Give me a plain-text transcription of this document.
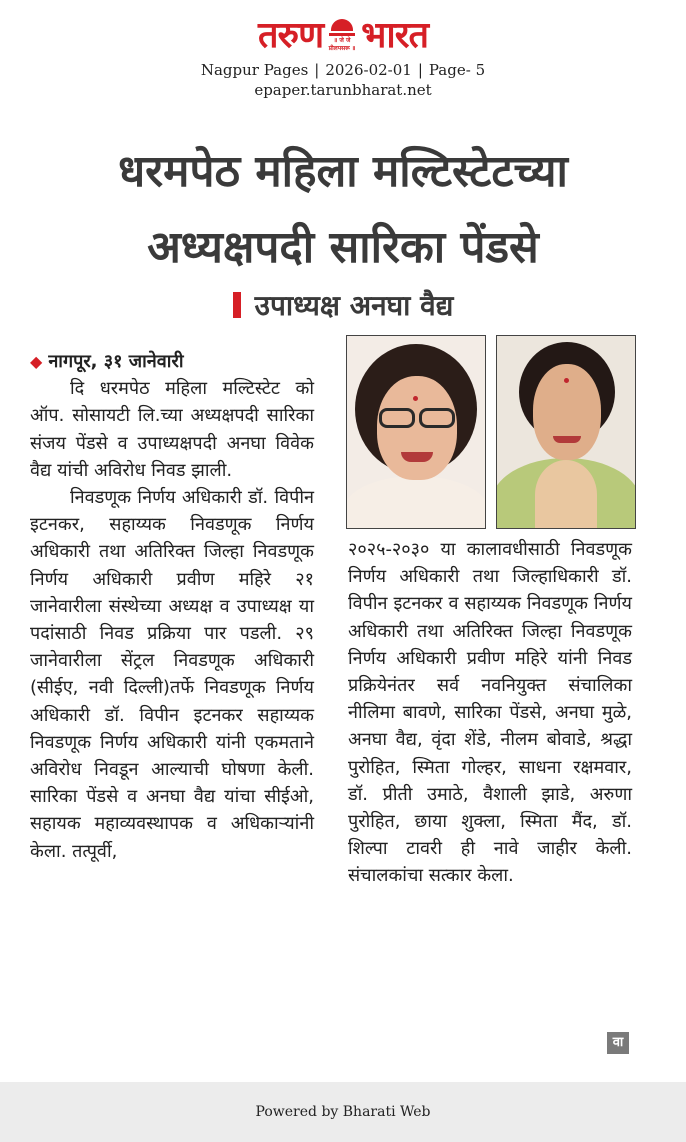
तरुण	॥ जे जे प्रीलपसरू ॥ भारत
Nagpur Pages | 2026-02-01 | Page- 5
epaper.tarunbharat.net
धरमपेठ महिला मल्टिस्टेटच्या
अध्यक्षपदी सारिका पेंडसे
उपाध्यक्ष अनघा वैद्य
◆ नागपूर, ३१ जानेवारी

दि धरमपेठ महिला मल्टिस्टेट को ऑप. सोसायटी लि.च्या अध्यक्षपदी सारिका संजय पेंडसे व उपाध्यक्षपदी अनघा विवेक वैद्य यांची अविरोध निवड झाली.

निवडणूक निर्णय अधिकारी डॉ. विपीन इटनकर, सहाय्यक निवडणूक निर्णय अधिकारी तथा अतिरिक्त जिल्हा निवडणूक निर्णय अधिकारी प्रवीण महिरे २१ जानेवारीला संस्थेच्या अध्यक्ष व उपाध्यक्ष या पदांसाठी निवड प्रक्रिया पार पडली. २९ जानेवारीला सेंट्रल निवडणूक अधिकारी (सीईए, नवी दिल्ली)तर्फे निवडणूक निर्णय अधिकारी डॉ. विपीन इटनकर सहाय्यक निवडणूक निर्णय अधिकारी यांनी एकमताने अविरोध निवडून आल्याची घोषणा केली. सारिका पेंडसे व अनघा वैद्य यांचा सीईओ, सहायक महाव्यवस्थापक व अधिकाऱ्यांनी केला. तत्पूर्वी,

२०२५-२०३० या कालावधीसाठी निवडणूक निर्णय अधिकारी तथा जिल्हाधिकारी डॉ. विपीन इटनकर व सहाय्यक निवडणूक निर्णय अधिकारी तथा अतिरिक्त जिल्हा निवडणूक निर्णय अधिकारी प्रवीण महिरे यांनी निवड प्रक्रियेनंतर सर्व नवनियुक्त संचालिका नीलिमा बावणे, सारिका पेंडसे, अनघा मुळे, अनघा वैद्य, वृंदा शेंडे, नीलम बोवाडे, श्रद्धा पुरोहित, स्मिता गोल्हर, साधना रक्षमवार, डॉ. प्रीती उमाठे, वैशाली झाडे, अरुणा पुरोहित, छाया शुक्ला, स्मिता मैंद, डॉ. शिल्पा टावरी ही नावे जाहीर केली. संचालकांचा सत्कार केला.

वा
Powered by Bharati Web
